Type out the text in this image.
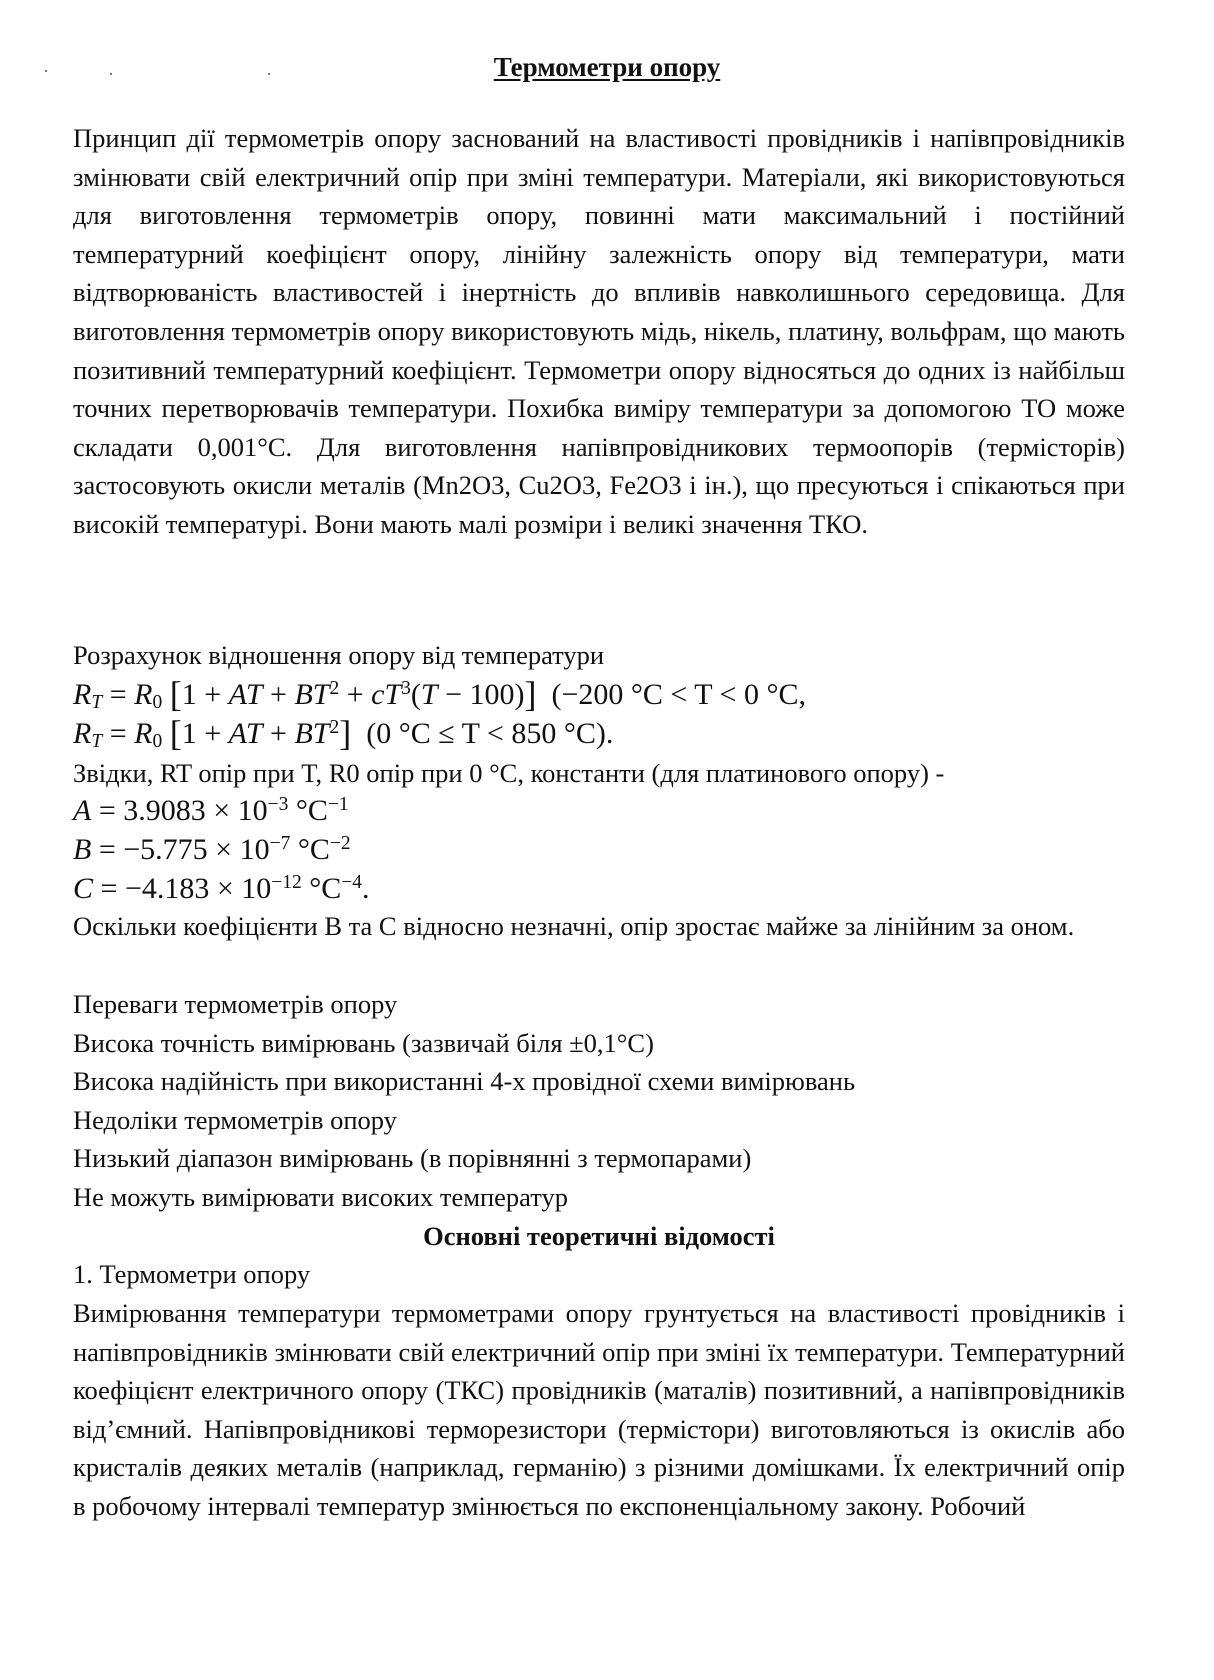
Термометри опору
Принцип дії термометрів опору заснований на властивості провідників і напівпровідників змінювати свій електричний опір при зміні температури. Матеріали, які використовуються для виготовлення термометрів опору, повинні мати максимальний і постійний температурний коефіцієнт опору, лінійну залежність опору від температури, мати відтворюваність властивостей і інертність до впливів навколишнього середовища. Для виготовлення термометрів опору використовують мідь, нікель, платину, вольфрам, що мають позитивний температурний коефіцієнт. Термометри опору відносяться до одних із найбільш точних перетворювачів температури. Похибка виміру температури за допомогою ТО може складати 0,001°С. Для виготовлення напівпровідникових термоопорів (термісторів) застосовують окисли металів (Mn2O3, Cu2O3, Fe2O3 і ін.), що пресуються і спікаються при високій температурі. Вони мають малі розміри і великі значення ТКО.
Розрахунок відношення опору від температури
$R_T = R_0$ [1 + AT + $BT^2 + cT^3(T - 100)$] (−200 °C < T < 0 °C,
$R_T = R_0$ [1 + AT + $BT^2$] (0 °C ≤ T < 850 °C).
Звідки, RT опір при T, R0 опір при 0 °С, константи (для платинового опору) -
$A = 3.9083 \times 10^{-3}$ $^\circ C^{-1}$
$B = -5.775 \times 10^{-7}$ $^\circ C^{-2}$
$C = -4.183 \times 10^{-12}$ $^\circ C^{-4}$.
Оскільки коефіцієнти В та С відносно незначні, опір зростає майже за лінійним за оном.
Переваги термометрів опору
Висока точність вимірювань (зазвичай біля ±0,1°С)
Висока надійність при використанні 4-х провідної схеми вимірювань
Недоліки термометрів опору
Низький діапазон вимірювань (в порівнянні з термопарами)
Не можуть вимірювати високих температур
Основні теоретичні відомості
1. Термометри опору
Вимірювання температури термометрами опору грунтується на властивості провідників і напівпровідників змінювати свій електричний опір при зміні їх температури. Температурний коефіцієнт електричного опору (ТКС) провідників (маталів) позитивний, а напівпровідників від’ємний. Напівпровідникові терморезистори (термістори) виготовляються із окислів або кристалів деяких металів (наприклад, германію) з різними домішками. Їх електричний опір в робочому інтервалі температур змінюється по експоненціальному закону. Робочий
